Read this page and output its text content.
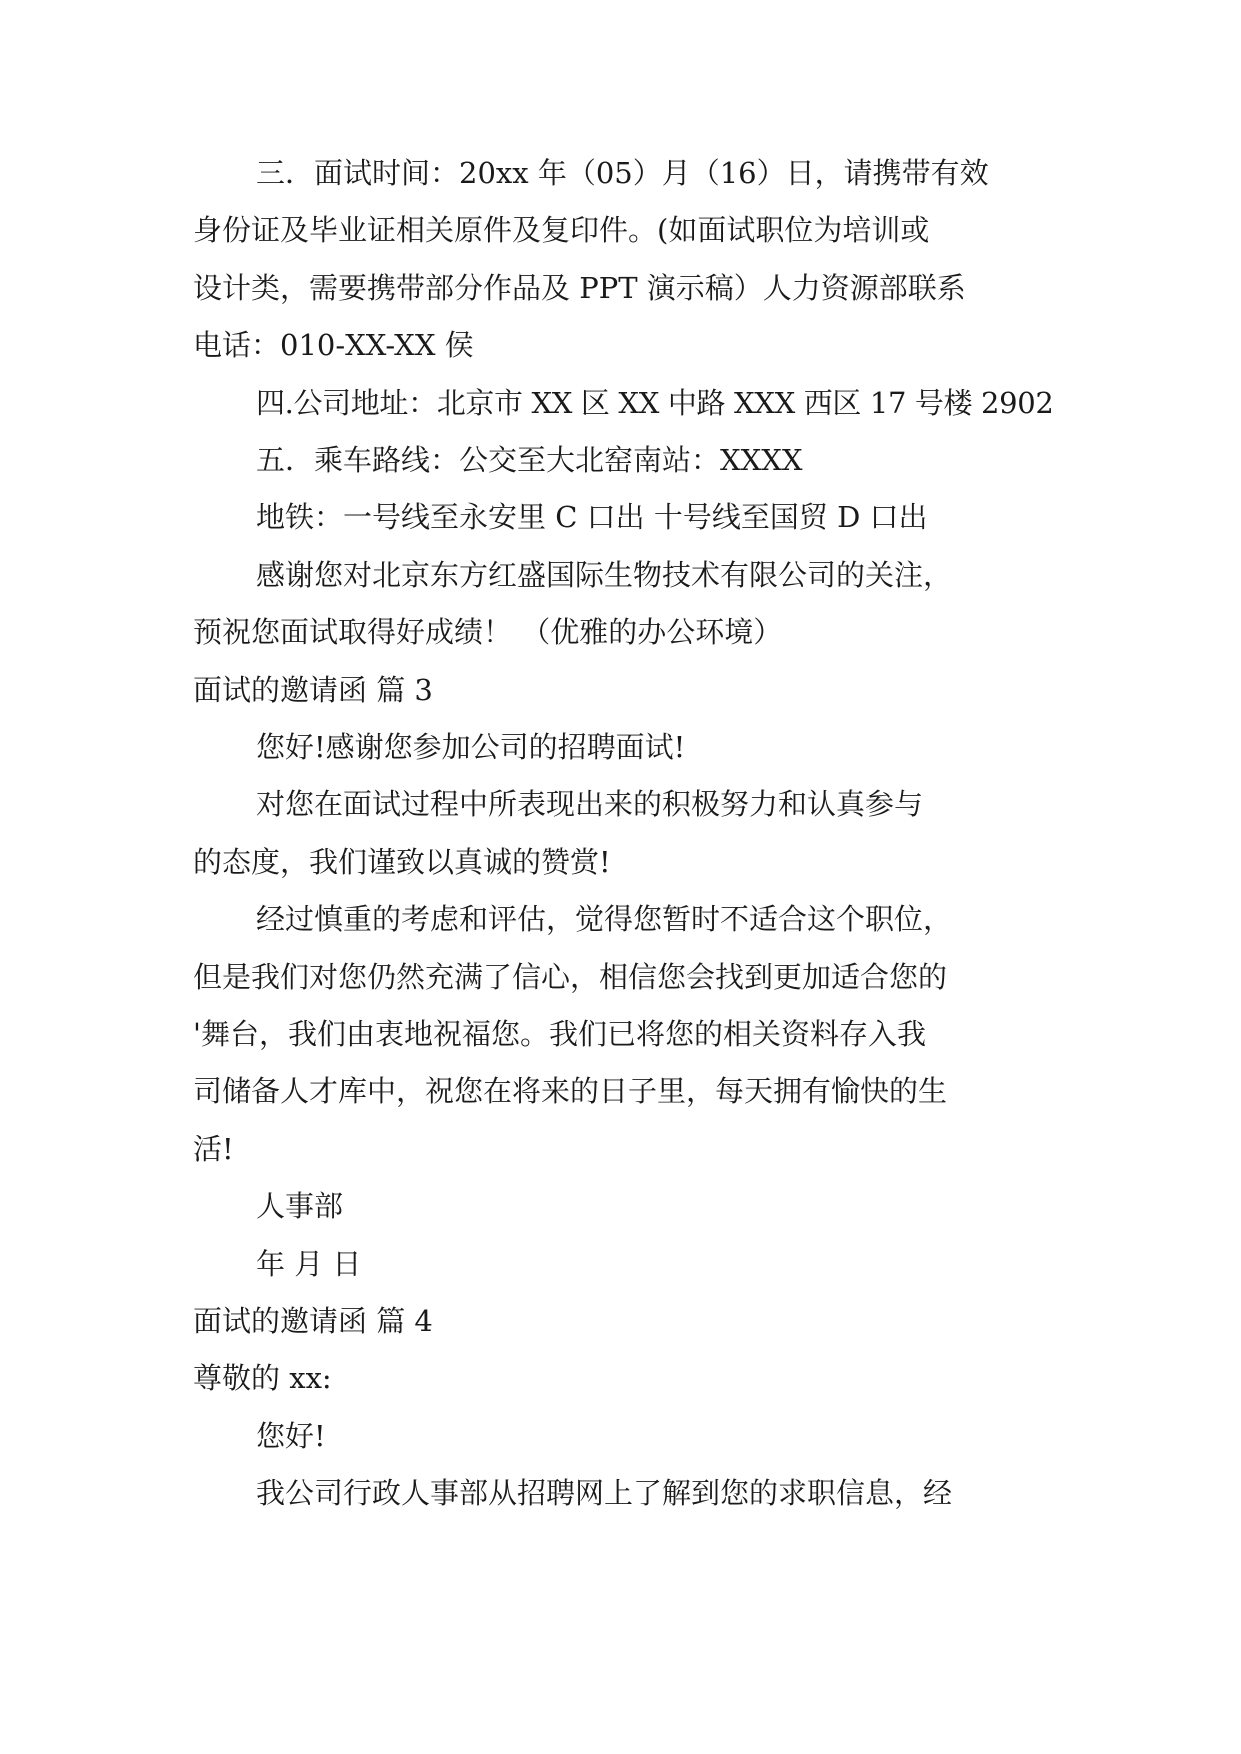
三．面试时间：20xx 年（05）月（16）日，请携带有效
身份证及毕业证相关原件及复印件。(如面试职位为培训或
设计类，需要携带部分作品及 PPT 演示稿）人力资源部联系
电话：010-XX-XX 侯
四.公司地址：北京市 XX 区 XX 中路 XXX 西区 17 号楼 2902
五．乘车路线：公交至大北窑南站：XXXX
地铁：一号线至永安里 C 口出 十号线至国贸 D 口出
感谢您对北京东方红盛国际生物技术有限公司的关注，
预祝您面试取得好成绩！ （优雅的办公环境）
面试的邀请函 篇 3
您好!感谢您参加公司的招聘面试!
对您在面试过程中所表现出来的积极努力和认真参与
的态度，我们谨致以真诚的赞赏!
经过慎重的考虑和评估，觉得您暂时不适合这个职位，
但是我们对您仍然充满了信心，相信您会找到更加适合您的
'舞台，我们由衷地祝福您。我们已将您的相关资料存入我
司储备人才库中，祝您在将来的日子里，每天拥有愉快的生
活!
人事部
年 月 日
面试的邀请函 篇 4
尊敬的 xx:
您好!
我公司行政人事部从招聘网上了解到您的求职信息，经
